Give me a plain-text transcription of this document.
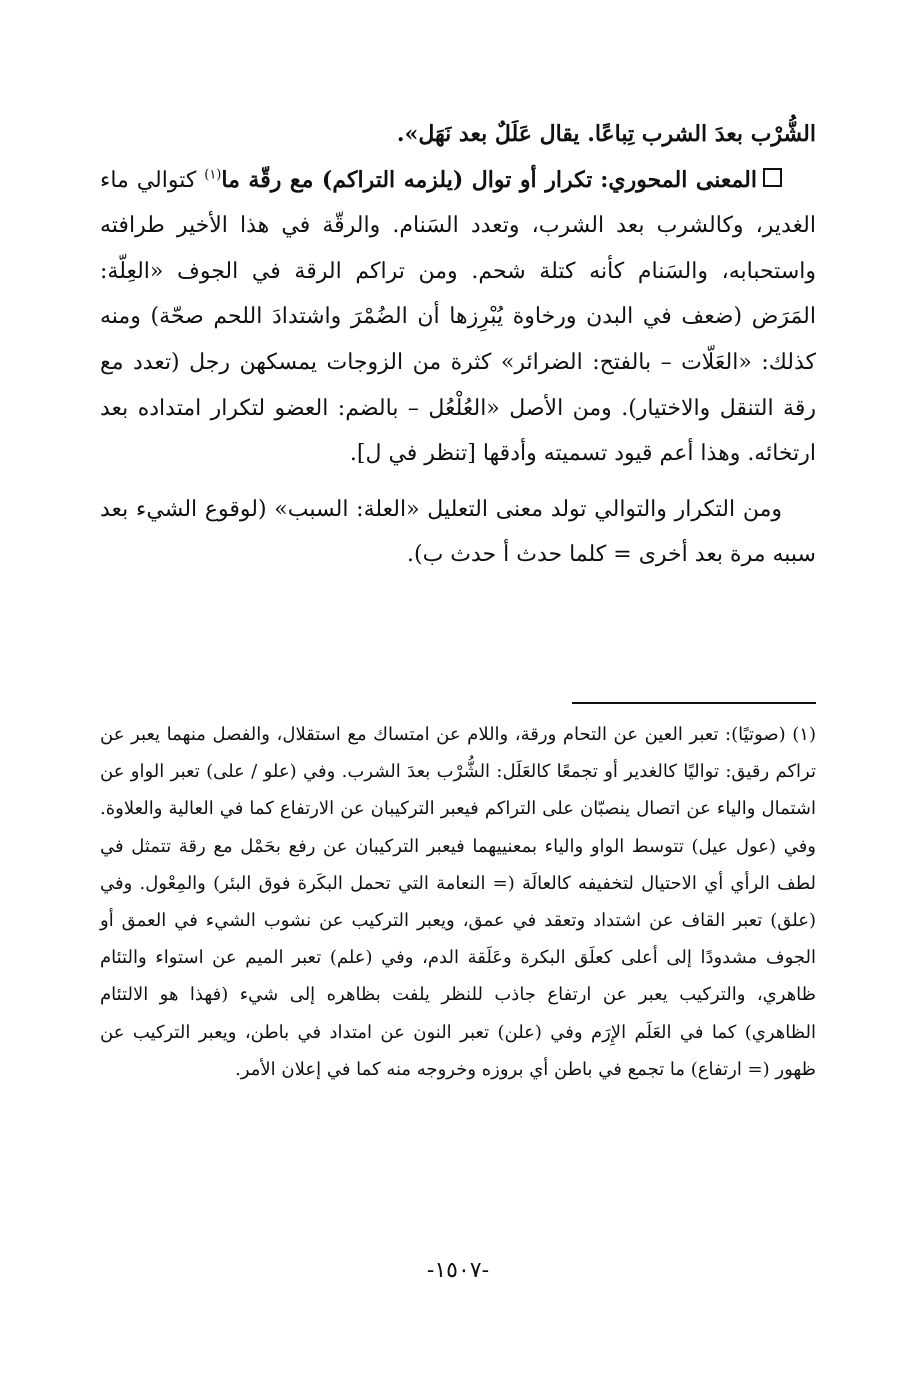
الشُّرْب بعدَ الشرب تِباعًا. يقال عَلَلٌ بعد نَهَل».

المعنى المحوري: تكرار أو توال (يلزمه التراكم) مع رقّة ما$^{(١)}$ كتوالي ماء الغدير، وكالشرب بعد الشرب، وتعدد السَنام. والرقّة في هذا الأخير طرافته واستحبابه، والسَنام كأنه كتلة شحم. ومن تراكم الرقة في الجوف «العِلّة: المَرَض (ضعف في البدن ورخاوة يُبْرِزها أن الضُمْرَ واشتدادَ اللحم صحّة) ومنه كذلك: «العَلّات – بالفتح: الضرائر» كثرة من الزوجات يمسكهن رجل (تعدد مع رقة التنقل والاختيار). ومن الأصل «العُلْعُل – بالضم: العضو لتكرار امتداده بعد ارتخائه. وهذا أعم قيود تسميته وأدقها [تنظر في ل].

ومن التكرار والتوالي تولد معنى التعليل «العلة: السبب» (لوقوع الشيء بعد سببه مرة بعد أخرى = كلما حدث أ حدث ب).

(١) (صوتيًا): تعبر العين عن التحام ورقة، واللام عن امتساك مع استقلال، والفصل منهما يعبر عن تراكم رقيق: تواليًا كالغدير أو تجمعًا كالعَلَل: الشُّرْب بعدَ الشرب. وفي (علو / على) تعبر الواو عن اشتمال والياء عن اتصال ينصبّان على التراكم فيعبر التركيبان عن الارتفاع كما في العالية والعلاوة. وفي (عول عيل) تتوسط الواو والياء بمعنييهما فيعبر التركيبان عن رفع بحَمْل مع رقة تتمثل في لطف الرأي أي الاحتيال لتخفيفه كالعالَة (= النعامة التي تحمل البكَرة فوق البئر) والمِعْول. وفي (علق) تعبر القاف عن اشتداد وتعقد في عمق، ويعبر التركيب عن نشوب الشيء في العمق أو الجوف مشدودًا إلى أعلى كعلَق البكرة وعَلَقة الدم، وفي (علم) تعبر الميم عن استواء والتئام ظاهري، والتركيب يعبر عن ارتفاع جاذب للنظر يلفت بظاهره إلى شيء (فهذا هو الالتئام الظاهري) كما في العَلَم الإِرَم وفي (علن) تعبر النون عن امتداد في باطن، ويعبر التركيب عن ظهور (= ارتفاع) ما تجمع في باطن أي بروزه وخروجه منه كما في إعلان الأمر.

-١٥٠٧-
